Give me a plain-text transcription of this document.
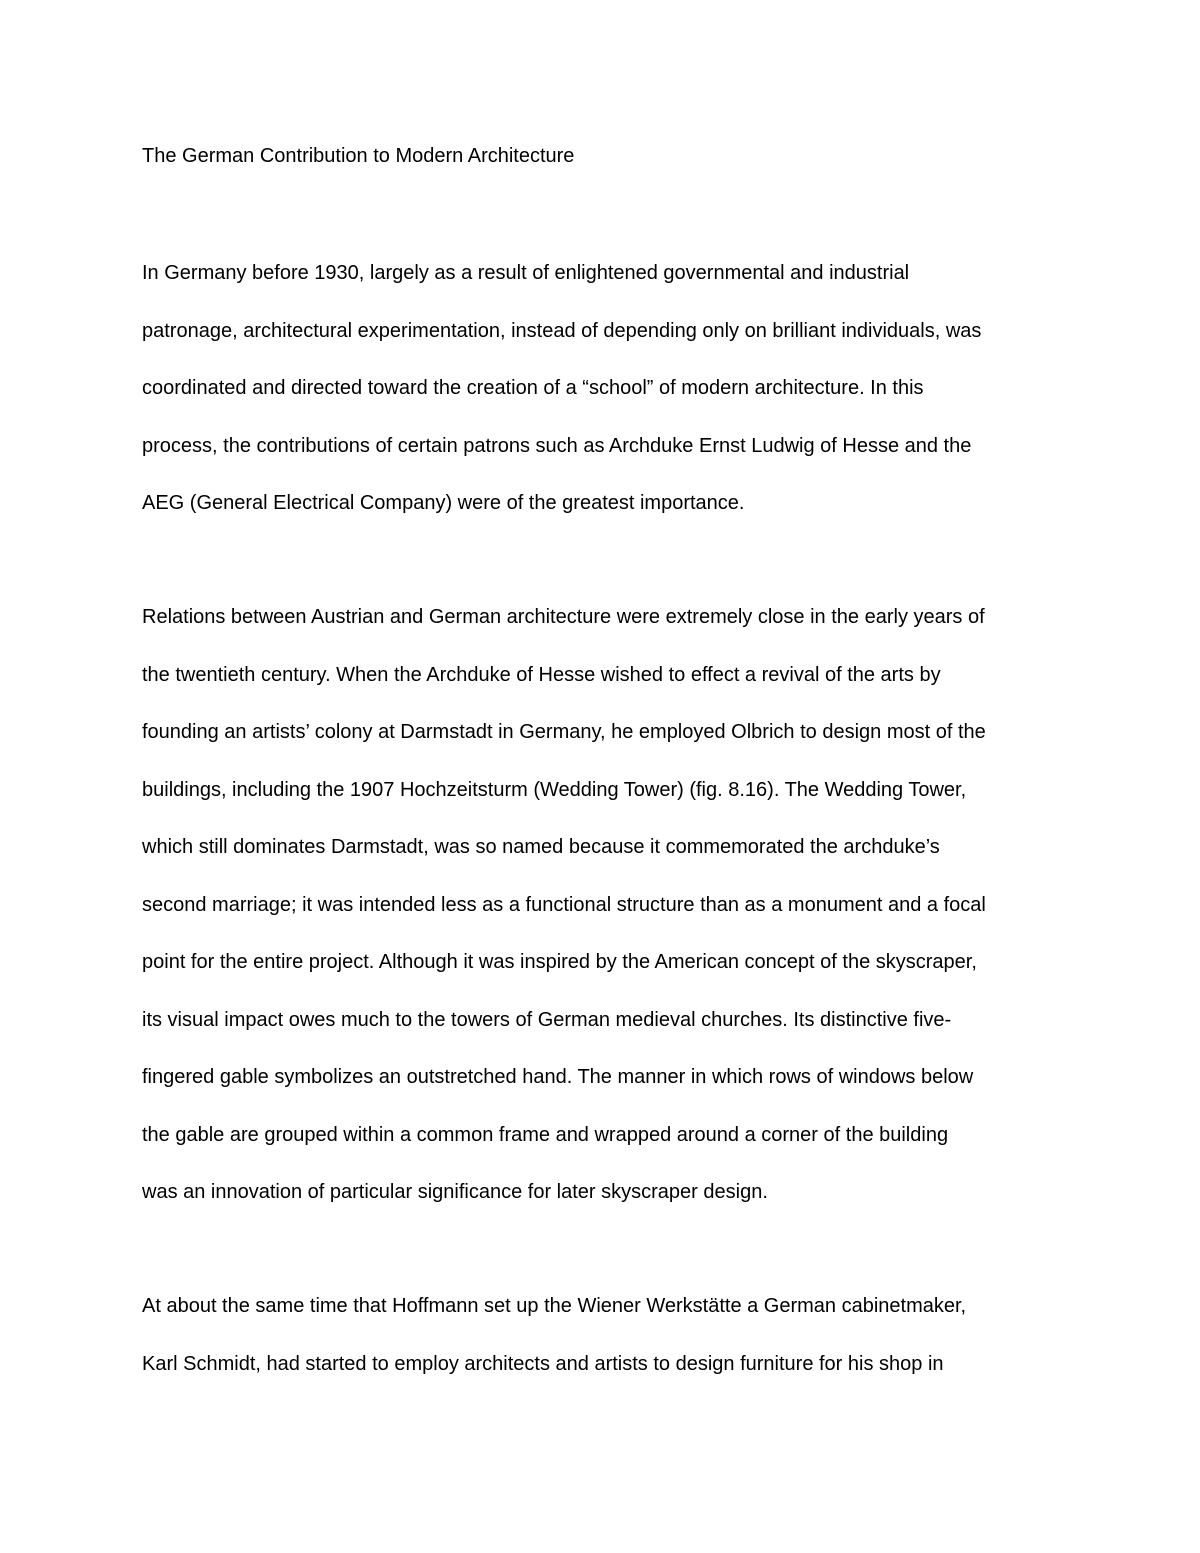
The German Contribution to Modern Architecture
In Germany before 1930, largely as a result of enlightened governmental and industrial
patronage, architectural experimentation, instead of depending only on brilliant individuals, was
coordinated and directed toward the creation of a “school” of modern architecture. In this
process, the contributions of certain patrons such as Archduke Ernst Ludwig of Hesse and the
AEG (General Electrical Company) were of the greatest importance.
Relations between Austrian and German architecture were extremely close in the early years of
the twentieth century. When the Archduke of Hesse wished to effect a revival of the arts by
founding an artists’ colony at Darmstadt in Germany, he employed Olbrich to design most of the
buildings, including the 1907 Hochzeitsturm (Wedding Tower) (fig. 8.16). The Wedding Tower,
which still dominates Darmstadt, was so named because it commemorated the archduke’s
second marriage; it was intended less as a functional structure than as a monument and a focal
point for the entire project. Although it was inspired by the American concept of the skyscraper,
its visual impact owes much to the towers of German medieval churches. Its distinctive five-
fingered gable symbolizes an outstretched hand. The manner in which rows of windows below
the gable are grouped within a common frame and wrapped around a corner of the building
was an innovation of particular significance for later skyscraper design.
At about the same time that Hoffmann set up the Wiener Werkstätte a German cabinetmaker,
Karl Schmidt, had started to employ architects and artists to design furniture for his shop in
